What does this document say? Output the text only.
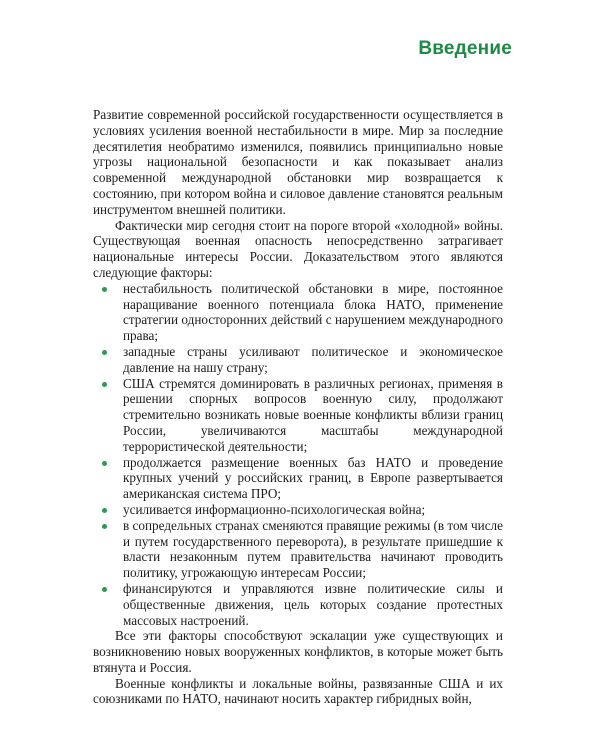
Введение

Развитие современной российской государственности осуществляется в условиях усиления военной нестабильности в мире. Мир за последние десятилетия необратимо изменился, появились принципиально новые угрозы национальной безопасности и как показывает анализ современной международной обстановки мир возвращается к состоянию, при котором война и силовое давление становятся реальным инструментом внешней политики.

Фактически мир сегодня стоит на пороге второй «холодной» войны. Существующая военная опасность непосредственно затрагивает национальные интересы России. Доказательством этого являются следующие факторы:

нестабильность политической обстановки в мире, постоянное наращивание военного потенциала блока НАТО, применение стратегии односторонних действий с нарушением международного права;
западные страны усиливают политическое и экономическое давление на нашу страну;
США стремятся доминировать в различных регионах, применяя в решении спорных вопросов военную силу, продолжают стремительно возникать новые военные конфликты вблизи границ России, увеличиваются масштабы международной террористической деятельности;
продолжается размещение военных баз НАТО и проведение крупных учений у российских границ, в Европе развертывается американская система ПРО;
усиливается информационно-психологическая война;
в сопредельных странах сменяются правящие режимы (в том числе и путем государственного переворота), в результате пришедшие к власти незаконным путем правительства начинают проводить политику, угрожающую интересам России;
финансируются и управляются извне политические силы и общественные движения, цель которых создание протестных массовых настроений.

Все эти факторы способствуют эскалации уже существующих и возникновению новых вооруженных конфликтов, в которые может быть втянута и Россия.

Военные конфликты и локальные войны, развязанные США и их союзниками по НАТО, начинают носить характер гибридных войн,
